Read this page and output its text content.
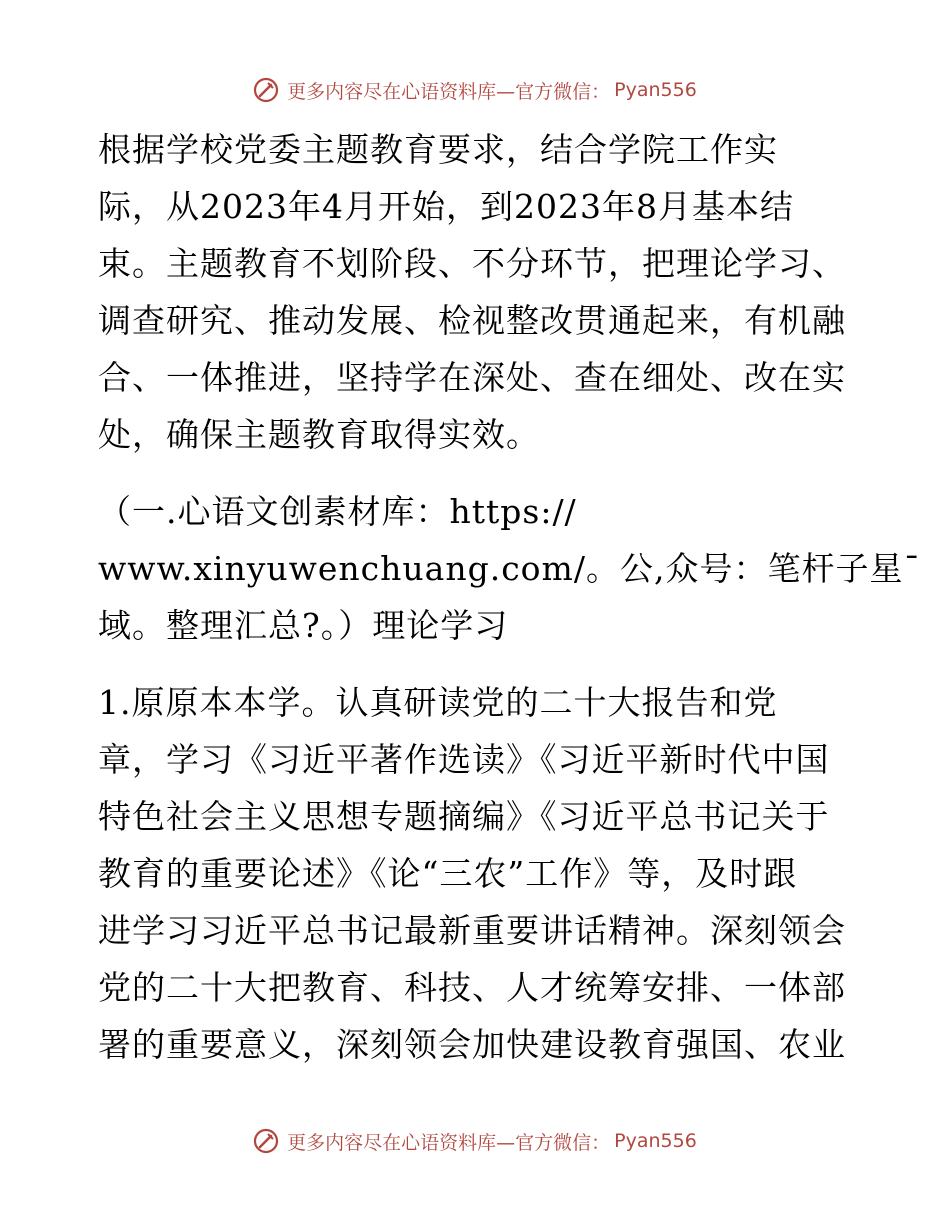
更多内容尽在心语资料库—官方微信： Pyan556
根据学校党委主题教育要求，结合学院工作实
际，从2023年4月开始，到2023年8月基本结
束。主题教育不划阶段、不分环节，把理论学习、
调查研究、推动发展、检视整改贯通起来，有机融
合、一体推进，坚持学在深处、查在细处、改在实
处，确保主题教育取得实效。
（一.心语文创素材库：https://
www.xinyuwenchuang.com/。公,众号：笔杆子星¯
域。整理汇总?。）理论学习
1.原原本本学。认真研读党的二十大报告和党
章，学习《习近平著作选读》《习近平新时代中国
特色社会主义思想专题摘编》《习近平总书记关于
教育的重要论述》《论“三农”工作》等，及时跟
进学习习近平总书记最新重要讲话精神。深刻领会
党的二十大把教育、科技、人才统筹安排、一体部
署的重要意义，深刻领会加快建设教育强国、农业
更多内容尽在心语资料库—官方微信： Pyan556
